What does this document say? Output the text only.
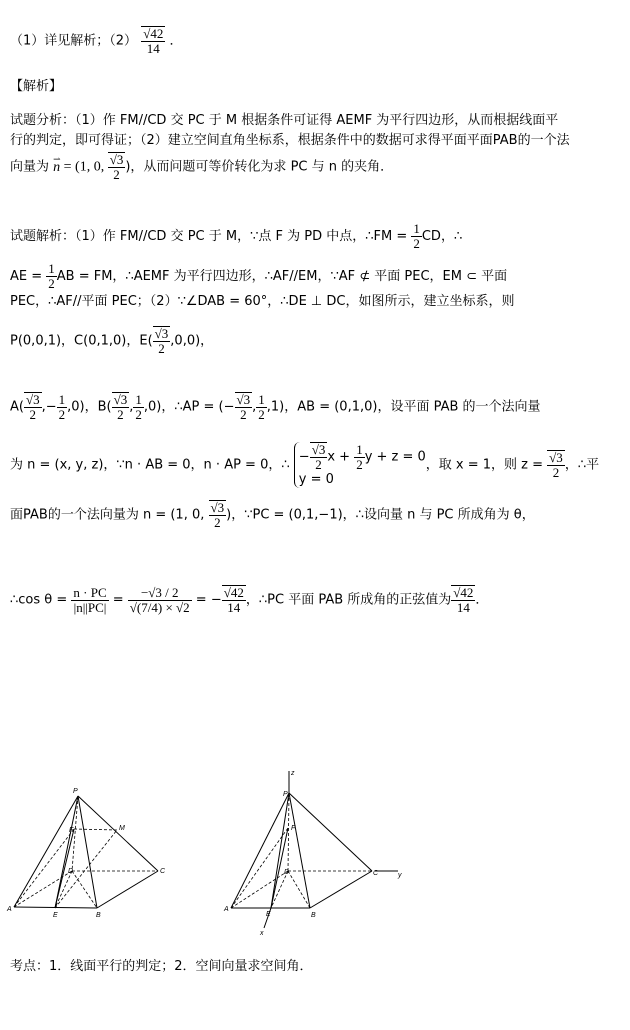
（1）详见解析；$(2) \frac{√42}{14}$ ．
【解析】
试题分析：（1）作 FM//CD 交 PC 于 M 根据条件可证得 AEMF 为平行四边形，从而根据线面平
行的判定，即可得证；（2）建立空间直角坐标系，根据条件中的数据可求得平面平面PAB的一个法
向量为 ⇀ n = (1, 0, $\frac{√3}{2}$ )，从而问题可等价转化为求 PC 与 n 的夹角．
试题解析：（1）作 FM//CD 交 PC 于 M，∵点 F 为 PD 中点，∴FM = $\frac{1}{2}$ CD，∴
AE = $\frac{1}{2}$ AB = FM，∴AEMF 为平行四边形，∴AF//EM，∵AF ⊄ 平面 PEC，EM ⊂ 平面
PEC，∴AF//平面 PEC；（2）∵∠DAB = 60°，∴DE ⊥ DC，如图所示，建立坐标系，则
P(0,0,1)，C(0,1,0)，$E( \frac{√3}{2} ,0,0)$，
$A( \frac{√3}{2}$ ,− $\frac{1}{2} ,0$)，$B( \frac{√3}{2}$ , $\frac{1}{2} ,0$)，∴AP = (− $\frac{√3}{2}$ , $\frac{1}{2} ,1$)，AB = (0,1,0)，设平面 PAB 的一个法向量
为 n = (x, y, z)，∵n · AB = 0，n · AP = 0，∴
− $\frac{√3}{2}$ $x + \frac{1}{2}$ y + z = 0
y = 0
，取 x = 1，则 $z = \frac{√3}{2}$ ，∴平
面PAB的一个法向量为 n = (1, 0, $\frac{√3}{2}$ )，∵PC = (0,1,−1)，∴设向量 n 与 PC 所成角为 θ，
∴cos $\theta = \frac{n \cdot PC}{|n||PC|} = \frac{-√3 / 2}{√(7/4) \times √2}$ = − $\frac{√42}{14}$ ，∴PC 平面 PAB 所成角的正弦值为 $\frac{√42}{14}$ ．
P
F	M
D	C
A
E	B
z
P
F
D	C	y
A
E	B
x
考点：1．线面平行的判定；2．空间向量求空间角．
